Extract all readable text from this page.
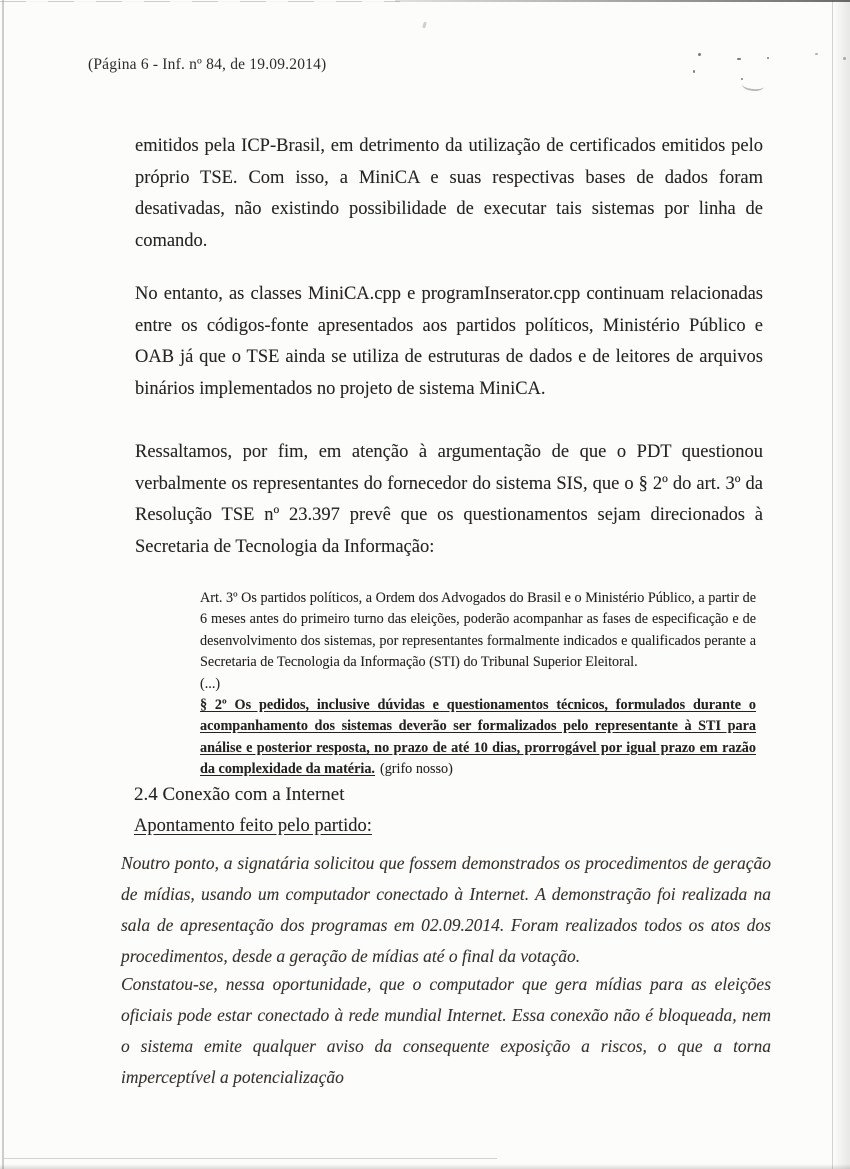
(Página 6 - Inf. nº 84, de 19.09.2014)

emitidos pela ICP-Brasil, em detrimento da utilização de certificados emitidos pelo próprio TSE. Com isso, a MiniCA e suas respectivas bases de dados foram desativadas, não existindo possibilidade de executar tais sistemas por linha de comando.

No entanto, as classes MiniCA.cpp e programInserator.cpp continuam relacionadas entre os códigos-fonte apresentados aos partidos políticos, Ministério Público e OAB já que o TSE ainda se utiliza de estruturas de dados e de leitores de arquivos binários implementados no projeto de sistema MiniCA.

Ressaltamos, por fim, em atenção à argumentação de que o PDT questionou verbalmente os representantes do fornecedor do sistema SIS, que o § 2º do art. 3º da Resolução TSE nº 23.397 prevê que os questionamentos sejam direcionados à Secretaria de Tecnologia da Informação:

Art. 3º Os partidos políticos, a Ordem dos Advogados do Brasil e o Ministério Público, a partir de 6 meses antes do primeiro turno das eleições, poderão acompanhar as fases de especificação e de desenvolvimento dos sistemas, por representantes formalmente indicados e qualificados perante a Secretaria de Tecnologia da Informação (STI) do Tribunal Superior Eleitoral.

(...)

§ 2º Os pedidos, inclusive dúvidas e questionamentos técnicos, formulados durante o acompanhamento dos sistemas deverão ser formalizados pelo representante à STI para análise e posterior resposta, no prazo de até 10 dias, prorrogável por igual prazo em razão da complexidade da matéria. (grifo nosso)

2.4 Conexão com a Internet
Apontamento feito pelo partido:

Noutro ponto, a signatária solicitou que fossem demonstrados os procedimentos de geração de mídias, usando um computador conectado à Internet. A demonstração foi realizada na sala de apresentação dos programas em 02.09.2014. Foram realizados todos os atos dos procedimentos, desde a geração de mídias até o final da votação.

Constatou-se, nessa oportunidade, que o computador que gera mídias para as eleições oficiais pode estar conectado à rede mundial Internet. Essa conexão não é bloqueada, nem o sistema emite qualquer aviso da consequente exposição a riscos, o que a torna imperceptível a potencialização
